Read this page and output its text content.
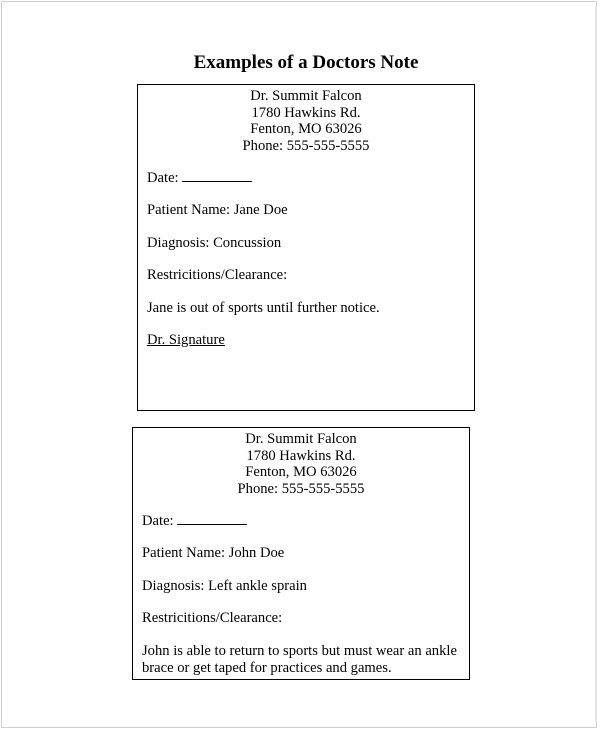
Examples of a Doctors Note
Dr. Summit Falcon
1780 Hawkins Rd.
Fenton, MO 63026
Phone: 555-555-5555
Date:
Patient Name: Jane Doe
Diagnosis: Concussion
Restricitions/Clearance:
Jane is out of sports until further notice.
Dr. Signature
Dr. Summit Falcon
1780 Hawkins Rd.
Fenton, MO 63026
Phone: 555-555-5555
Date:
Patient Name: John Doe
Diagnosis: Left ankle sprain
Restricitions/Clearance:
John is able to return to sports but must wear an ankle brace or get taped for practices and games.
